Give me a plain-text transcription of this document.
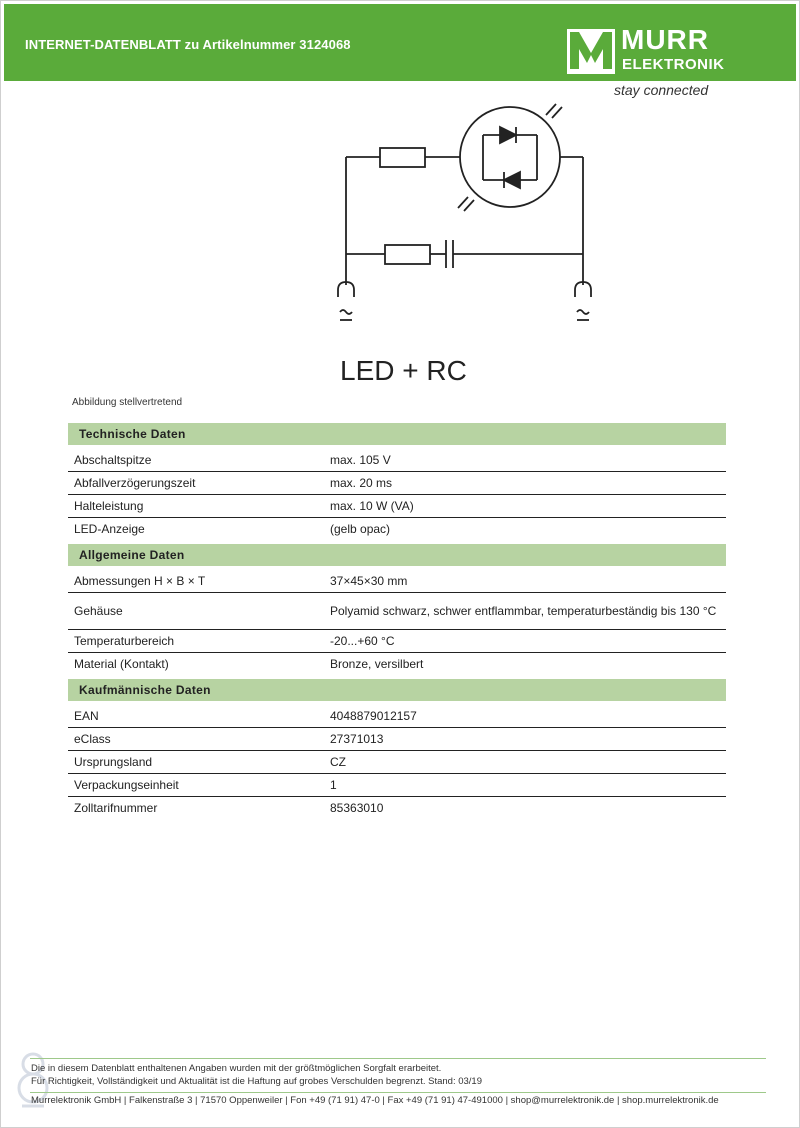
INTERNET-DATENBLATT zu Artikelnummer 3124068	MURR
ELEKTRONIK
stay connected
LED + RC
Abbildung stellvertretend
Technische Daten
Abschaltspitze	max. 105 V
Abfallverzögerungszeit	max. 20 ms
Halteleistung	max. 10 W (VA)
LED-Anzeige	(gelb opac)
Allgemeine Daten
Abmessungen H × B × T	37×45×30 mm
Gehäuse	Polyamid schwarz, schwer entflammbar, temperaturbeständig bis 130 °C
Temperaturbereich	-20...+60 °C
Material (Kontakt)	Bronze, versilbert
Kaufmännische Daten
EAN	4048879012157
eClass	27371013
Ursprungsland	CZ
Verpackungseinheit	1
Zolltarifnummer	85363010
Die in diesem Datenblatt enthaltenen Angaben wurden mit der größtmöglichen Sorgfalt erarbeitet.
Für Richtigkeit, Vollständigkeit und Aktualität ist die Haftung auf grobes Verschulden begrenzt. Stand: 03/19
Murrelektronik GmbH | Falkenstraße 3 | 71570 Oppenweiler | Fon +49 (71 91) 47-0 | Fax +49 (71 91) 47-491000 | shop@murrelektronik.de | shop.murrelektronik.de
